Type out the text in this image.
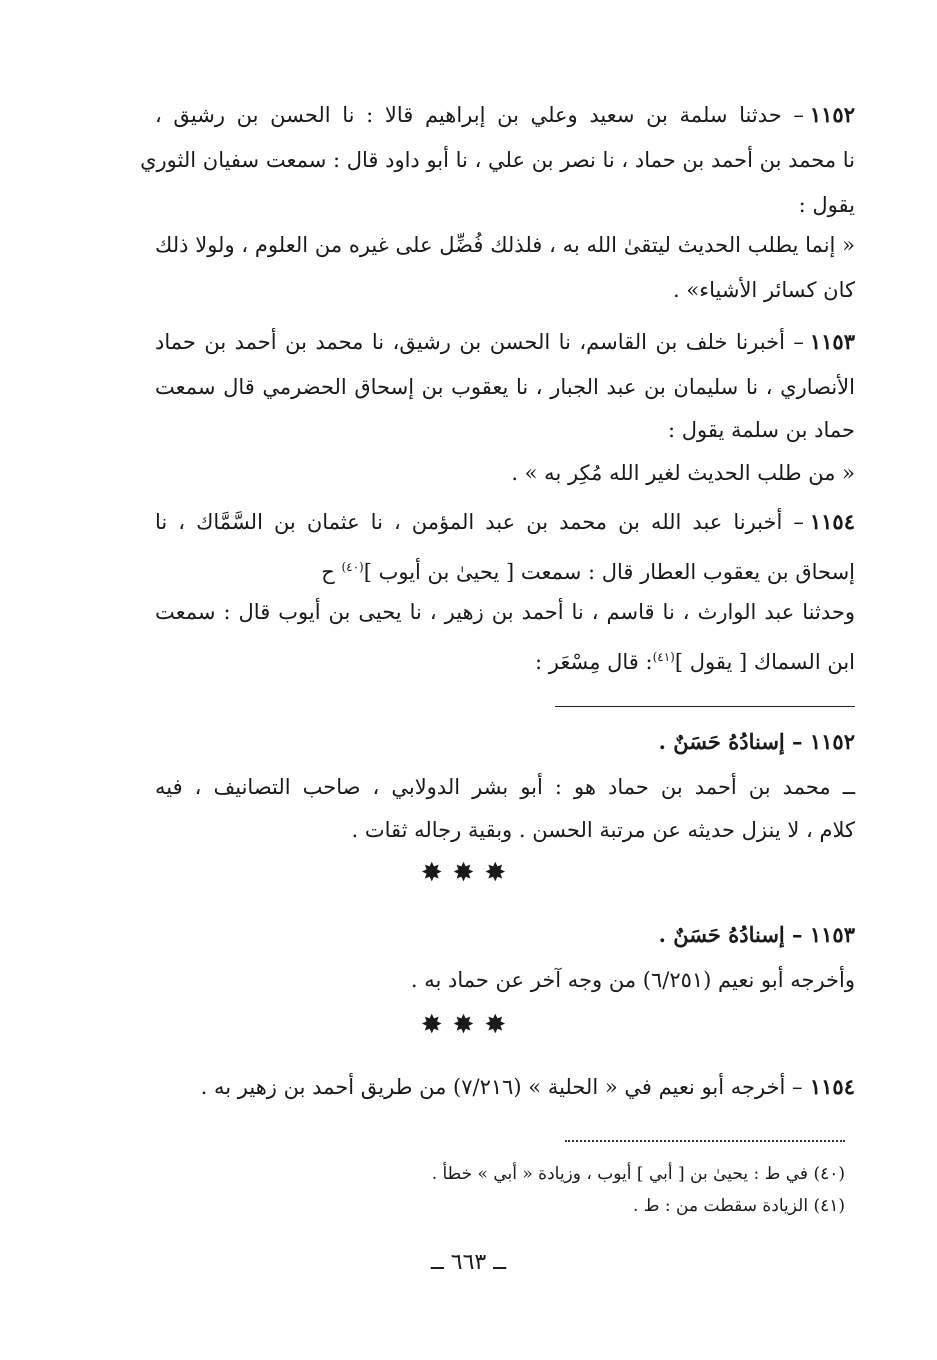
١١٥٢– حدثنا سلمة بن سعيد وعلي بن إبراهيم قالا : نا الحسن بن رشيق ،
نا محمد بن أحمد بن حماد ، نا نصر بن علي ، نا أبو داود قال : سمعت سفيان الثوري
يقول :
« إنما يطلب الحديث ليتقىٰ الله به ، فلذلك فُضِّل على غيره من العلوم ، ولولا ذلك
كان كسائر الأشياء» .
١١٥٣– أخبرنا خلف بن القاسم، نا الحسن بن رشيق، نا محمد بن أحمد بن حماد
الأنصاري ، نا سليمان بن عبد الجبار ، نا يعقوب بن إسحاق الحضرمي قال سمعت
حماد بن سلمة يقول :
« من طلب الحديث لغير الله مُكِر به » .
١١٥٤– أخبرنا عبد الله بن محمد بن عبد المؤمن ، نا عثمان بن السَّمَّاك ، نا
إسحاق بن يعقوب العطار قال : سمعت [ يحيىٰ بن أيوب ]$^{(٤٠)}$ ح
وحدثنا عبد الوارث ، نا قاسم ، نا أحمد بن زهير ، نا يحيى بن أيوب قال : سمعت
ابن السماك [ يقول ]$^{(٤١)}$: قال مِسْعَر :
١١٥٢ – إسنادُهُ حَسَنٌ .
ــ محمد بن أحمد بن حماد هو : أبو بشر الدولابي ، صاحب التصانيف ، فيه
كلام ، لا ينزل حديثه عن مرتبة الحسن . وبقية رجاله ثقات .
✸✸✸
١١٥٣ – إسنادُهُ حَسَنٌ .
وأخرجه أبو نعيم (٦/٢٥١) من وجه آخر عن حماد به .
✸✸✸
١١٥٤ – أخرجه أبو نعيم في « الحلية » (٧/٢١٦) من طريق أحمد بن زهير به .
(٤٠) في ط : يحيىٰ بن [ أبي ] أيوب ، وزيادة « أبي » خطأ .
(٤١) الزيادة سقطت من : ط .
ــ ٦٦٣ ــ
